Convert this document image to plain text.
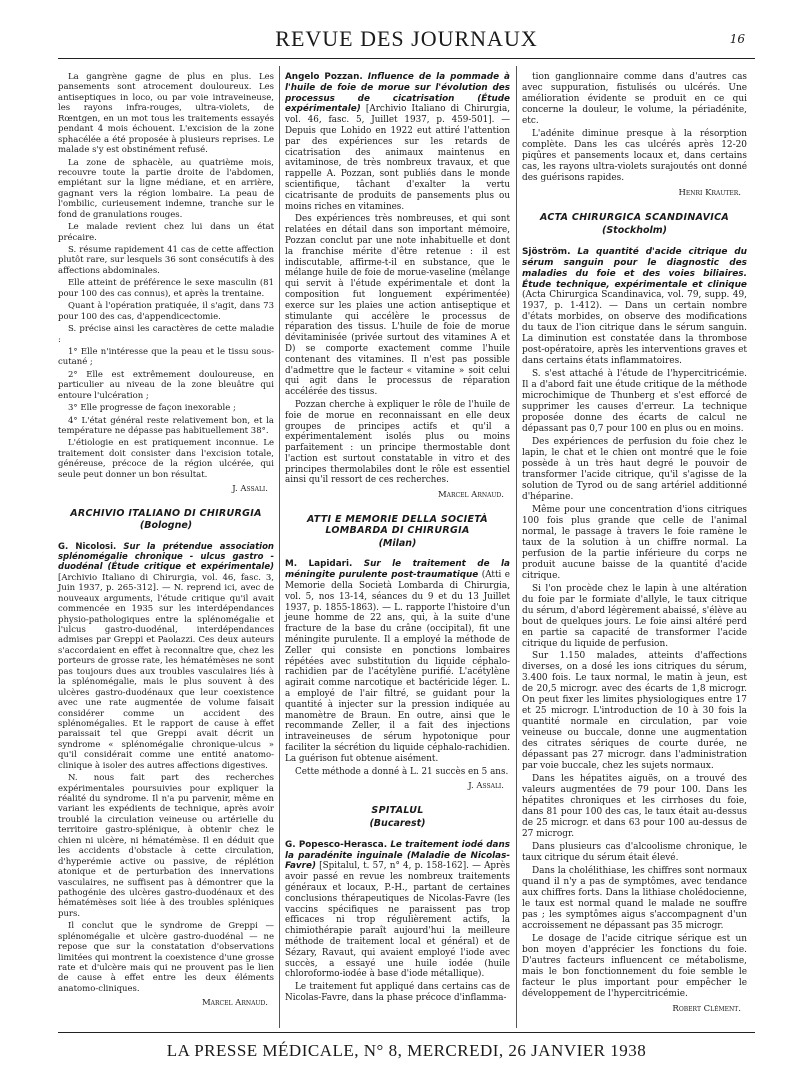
REVUE DES JOURNAUX	16

La gangrène gagne de plus en plus. Les pansements sont atrocement douloureux. Les antiseptiques in loco, ou par voie intraveineuse, les rayons infra-rouges, ultra-violets, de Rœntgen, en un mot tous les traitements essayés pendant 4 mois échouent. L'excision de la zone sphacélée a été proposée à plusieurs reprises. Le malade s'y est obstinément refusé.

La zone de sphacèle, au quatrième mois, recouvre toute la partie droite de l'abdomen, empiétant sur la ligne médiane, et en arrière, gagnant vers la région lombaire. La peau de l'ombilic, curieusement indemne, tranche sur le fond de granulations rouges.

Le malade revient chez lui dans un état précaire.

S. résume rapidement 41 cas de cette affection plutôt rare, sur lesquels 36 sont consécutifs à des affections abdominales.

Elle atteint de préférence le sexe masculin (81 pour 100 des cas connus), et après la trentaine.

Quant à l'opération pratiquée, il s'agit, dans 73 pour 100 des cas, d'appendicectomie.

S. précise ainsi les caractères de cette maladie :

1° Elle n'intéresse que la peau et le tissu sous-cutané ;

2° Elle est extrêmement douloureuse, en particulier au niveau de la zone bleuâtre qui entoure l'ulcération ;

3° Elle progresse de façon inexorable ;

4° L'état général reste relativement bon, et la température ne dépasse pas habituellement 38°.

L'étiologie en est pratiquement inconnue. Le traitement doit consister dans l'excision totale, généreuse, précoce de la région ulcérée, qui seule peut donner un bon résultat.

J. Assali.
ARCHIVIO ITALIANO DI CHIRURGIA
(Bologne)

G. Nicolosi. Sur la prétendue association splénomégalie chronique - ulcus gastro - duodénal (Étude critique et expérimentale) [Archivio Italiano di Chirurgia, vol. 46, fasc. 3, Juin 1937, p. 265-312]. — N. reprend ici, avec de nouveaux arguments, l'étude critique qu'il avait commencée en 1935 sur les interdépendances physio-pathologiques entre la splénomégalie et l'ulcus gastro-duodénal, interdépendances admises par Greppi et Paolazzi. Ces deux auteurs s'accordaient en effet à reconnaître que, chez les porteurs de grosse rate, les hématémèses ne sont pas toujours dues aux troubles vasculaires liés à la splénomégalie, mais le plus souvent à des ulcères gastro-duodénaux que leur coexistence avec une rate augmentée de volume faisait considérer comme un accident des splénomégalies. Et le rapport de cause à effet paraissait tel que Greppi avait décrit un syndrome « splénomégalie chronique-ulcus » qu'il considérait comme une entité anatomo-clinique à isoler des autres affections digestives.

N. nous fait part des recherches expérimentales poursuivies pour expliquer la réalité du syndrome. Il n'a pu parvenir, même en variant les expédients de technique, après avoir troublé la circulation veineuse ou artérielle du territoire gastro-splénique, à obtenir chez le chien ni ulcère, ni hématémèse. Il en déduit que les accidents d'obstacle à cette circulation, d'hyperémie active ou passive, de réplétion atonique et de perturbation des innervations vasculaires, ne suffisent pas à démontrer que la pathogénie des ulcères gastro-duodénaux et des hématémèses soit liée à des troubles spléniques purs.

Il conclut que le syndrome de Greppi — splénomégalie et ulcère gastro-duodénal — ne repose que sur la constatation d'observations limitées qui montrent la coexistence d'une grosse rate et d'ulcère mais qui ne prouvent pas le lien de cause à effet entre les deux éléments anatomo-cliniques.

Marcel Arnaud.

Angelo Pozzan. Influence de la pommade à l'huile de foie de morue sur l'évolution des processus de cicatrisation (Étude expérimentale) [Archivio Italiano di Chirurgia, vol. 46, fasc. 5, Juillet 1937, p. 459-501]. — Depuis que Lohido en 1922 eut attiré l'attention par des expériences sur les retards de cicatrisation des animaux maintenus en avitaminose, de très nombreux travaux, et que rappelle A. Pozzan, sont publiés dans le monde scientifique, tâchant d'exalter la vertu cicatrisante de produits de pansements plus ou moins riches en vitamines.

Des expériences très nombreuses, et qui sont relatées en détail dans son important mémoire, Pozzan conclut par une note inhabituelle et dont la franchise mérite d'être retenue : il est indiscutable, affirme-t-il en substance, que le mélange huile de foie de morue-vaseline (mélange qui servit à l'étude expérimentale et dont la composition fut longuement expérimentée) exerce sur les plaies une action antiseptique et stimulante qui accélère le processus de réparation des tissus. L'huile de foie de morue dévitaminisée (privée surtout des vitamines A et D) se comporte exactement comme l'huile contenant des vitamines. Il n'est pas possible d'admettre que le facteur « vitamine » soit celui qui agit dans le processus de réparation accélérée des tissus.

Pozzan cherche à expliquer le rôle de l'huile de foie de morue en reconnaissant en elle deux groupes de principes actifs et qu'il a expérimentalement isolés plus ou moins parfaitement : un principe thermostable dont l'action est surtout constatable in vitro et des principes thermolabiles dont le rôle est essentiel ainsi qu'il ressort de ces recherches.

Marcel Arnaud.
ATTI E MEMORIE DELLA SOCIETÀ LOMBARDA DI CHIRURGIA
(Milan)

M. Lapidari. Sur le traitement de la méningite purulente post-traumatique (Atti e Memorie della Società Lombarda di Chirurgia, vol. 5, nos 13-14, séances du 9 et du 13 Juillet 1937, p. 1855-1863). — L. rapporte l'histoire d'un jeune homme de 22 ans, qui, à la suite d'une fracture de la base du crâne (occipital), fit une méningite purulente. Il a employé la méthode de Zeller qui consiste en ponctions lombaires répétées avec substitution du liquide céphalo-rachidien par de l'acétylène purifié. L'acétylène agirait comme narcotique et bactéricide léger. L. a employé de l'air filtré, se guidant pour la quantité à injecter sur la pression indiquée au manomètre de Braun. En outre, ainsi que le recommande Zeller, il a fait des injections intraveineuses de sérum hypotonique pour faciliter la sécrétion du liquide céphalo-rachidien. La guérison fut obtenue aisément.

Cette méthode a donné à L. 21 succès en 5 ans.

J. Assali.
SPITALUL
(Bucarest)

G. Popesco-Herasca. Le traitement iodé dans la paradénite inguinale (Maladie de Nicolas-Favre) [Spitalul, t. 57, n° 4, p. 158-162]. — Après avoir passé en revue les nombreux traitements généraux et locaux, P.-H., partant de certaines conclusions thérapeutiques de Nicolas-Favre (les vaccins spécifiques ne paraissent pas trop efficaces ni trop régulièrement actifs, la chimiothérapie paraît aujourd'hui la meilleure méthode de traitement local et général) et de Sézary, Ravaut, qui avaient employé l'iode avec succès, a essayé une huile iodée (huile chloroformo-iodée à base d'iode métallique).

Le traitement fut appliqué dans certains cas de Nicolas-Favre, dans la phase précoce d'inflamma-

tion ganglionnaire comme dans d'autres cas avec suppuration, fistulisés ou ulcérés. Une amélioration évidente se produit en ce qui concerne la douleur, le volume, la périadénite, etc.

L'adénite diminue presque à la résorption complète. Dans les cas ulcérés après 12-20 piqûres et pansements locaux et, dans certains cas, les rayons ultra-violets surajoutés ont donné des guérisons rapides.

Henri Krauter.
ACTA CHIRURGICA SCANDINAVICA
(Stockholm)

Sjöström. La quantité d'acide citrique du sérum sanguin pour le diagnostic des maladies du foie et des voies biliaires. Étude technique, expérimentale et clinique (Acta Chirurgica Scandinavica, vol. 79, supp. 49, 1937, p. 1-412). — Dans un certain nombre d'états morbides, on observe des modifications du taux de l'ion citrique dans le sérum sanguin. La diminution est constatée dans la thrombose post-opératoire, après les interventions graves et dans certains états inflammatoires.

S. s'est attaché à l'étude de l'hypercitricémie. Il a d'abord fait une étude critique de la méthode microchimique de Thunberg et s'est efforcé de supprimer les causes d'erreur. La technique proposée donne des écarts de calcul ne dépassant pas 0,7 pour 100 en plus ou en moins.

Des expériences de perfusion du foie chez le lapin, le chat et le chien ont montré que le foie possède à un très haut degré le pouvoir de transformer l'acide citrique, qu'il s'agisse de la solution de Tyrod ou de sang artériel additionné d'héparine.

Même pour une concentration d'ions citriques 100 fois plus grande que celle de l'animal normal, le passage à travers le foie ramène le taux de la solution à un chiffre normal. La perfusion de la partie inférieure du corps ne produit aucune baisse de la quantité d'acide citrique.

Si l'on procède chez le lapin à une altération du foie par le formiate d'allyle, le taux citrique du sérum, d'abord légèrement abaissé, s'élève au bout de quelques jours. Le foie ainsi altéré perd en partie sa capacité de transformer l'acide citrique du liquide de perfusion.

Sur 1.150 malades, atteints d'affections diverses, on a dosé les ions citriques du sérum, 3.400 fois. Le taux normal, le matin à jeun, est de 20,5 microgr. avec des écarts de 1,8 microgr. On peut fixer les limites physiologiques entre 17 et 25 microgr. L'introduction de 10 à 30 fois la quantité normale en circulation, par voie veineuse ou buccale, donne une augmentation des citrates sériques de courte durée, ne dépassant pas 27 microgr. dans l'administration par voie buccale, chez les sujets normaux.

Dans les hépatites aiguës, on a trouvé des valeurs augmentées de 79 pour 100. Dans les hépatites chroniques et les cirrhoses du foie, dans 81 pour 100 des cas, le taux était au-dessus de 25 microgr. et dans 63 pour 100 au-dessus de 27 microgr.

Dans plusieurs cas d'alcoolisme chronique, le taux citrique du sérum était élevé.

Dans la cholélithiase, les chiffres sont normaux quand il n'y a pas de symptômes, avec tendance aux chiffres forts. Dans la lithiase cholédocienne, le taux est normal quand le malade ne souffre pas ; les symptômes aigus s'accompagnent d'un accroissement ne dépassant pas 35 microgr.

Le dosage de l'acide citrique sérique est un bon moyen d'apprécier les fonctions du foie. D'autres facteurs influencent ce métabolisme, mais le bon fonctionnement du foie semble le facteur le plus important pour empêcher le développement de l'hypercitricémie.

Robert Clément.
LA PRESSE MÉDICALE, N° 8, MERCREDI, 26 JANVIER 1938
